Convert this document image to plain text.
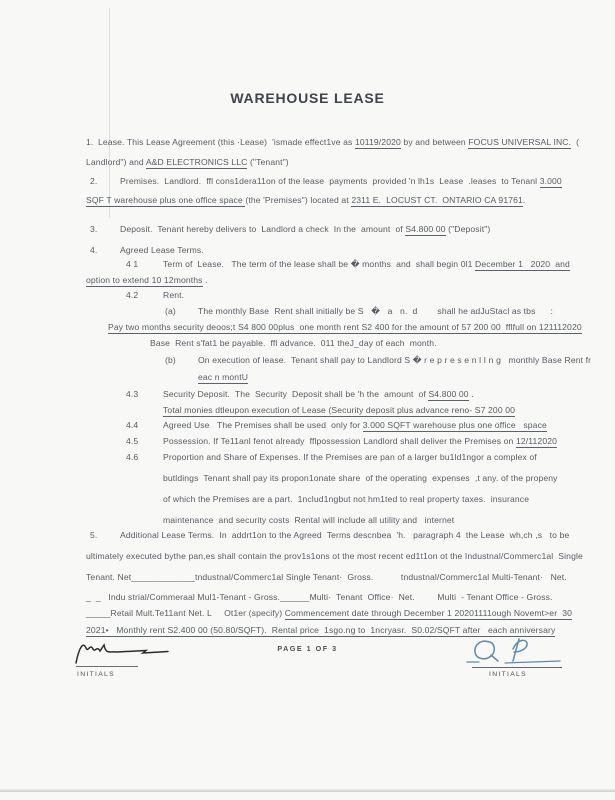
WAREHOUSE LEASE
1. Lease. This Lease Agreement (this ·Lease)  'ismade effect1ve as 10119/2020 by and between FOCUS UNIVERSAL INC.  (
Landlord") and A&D ELECTRONICS LLC ("Tenant")
2.	Premises.  Landlord.  ffl cons1dera11on of the lease  payments  provided 'n lh1s  Lease  .leases  to Tenanl 3.000
SQF T warehouse plus one office space (the 'Premises") located at 2311 E.  LOCUST CT.  ONTARIO CA 91761.
3.	Deposit.  Tenant hereby delivers to  Landlord a check  In the  amount  of S4.800 00 ("Deposit")
4.	Agreed Lease Terms.
4 1	Term of  Lease.   The term of the lease shall be � months  and  shall begin 0l1 December 1   2020  and
option to extend 10 12months .
4.2	Rent.
(a)	The monthly Base  Rent shall initially be S   �   a   n.  d        shall he adJuStacl as tbs      :
Pay two months security deoos;t S4 800 00plus  one month rent S2 400 for the amount of 57 200 00  fflfull on 121112020
Base  Rent s'fat1 be payable.  ffl advance.  011 theJ_day of each  month.
(b)	On execution of lease.  Tenant shall pay to Landlord S � r e p r e s e n l I n g   monthly Base Rent fr
eac n montU
4.3	Security Deposit.  The  Security  Deposit shall be 'h the  amount  of S4.800 00 .
Total monies dtleupon execution of Lease (Security deposit plus advance reno- S7 200 00
4.4	Agreed Use   The Premises shall be used  only for 3.000 SQFT warehouse plus one office   space
4.5	Possession. If Te11anl fenot already  fflpossession Landlord shall deliver the Premises on 12/112020
4.6	Proportion and Share of Expenses. If the Premises are pan of a larger bu1ld1ngor a complex of
butldings  Tenant shall pay its propon1onate share  of the operating  expenses  ,t any. of the propeny
of which the Premises are a part.  1nclud1ngbut not hm1ted to real property taxes.  insurance
maintenance  and security costs  Rental will include all utility and   internet
5.	Additional Lease Terms.  In  addrt1on to the Agreed  Terms descnbea  'h.   paragraph 4  the Lease  wh,ch ,s   to be
ultimately executed bythe pan,es shall contain the prov1s1ons ot the most recent ed1t1on ot the Industnal/Commerc1al  Single
Tenant. Net_____________tndustnal/Commerc1al Single Tenant·  Gross.           tndustnal/Commerc1al Multi-Tenant·   Net.
_  _   Indu strial/Commeraal Mul1-Tenant - Gross.______Multi·  Tenant  Office·  Net.         Multi  - Tenant Office - Gross.
_____Retail Mult.Te11ant Net. L     Ot1er (specify) Commencement date through December 1 20201111ough Novemt>er  30
2021•   Monthly rent S2.400 00 (50.80/SQFT).  Rental price  1sgo.ng to  1ncryasr.  S0.02/SQFT after   each anniversary
INITIALS
PAGE 1 OF 3
INITIALS
